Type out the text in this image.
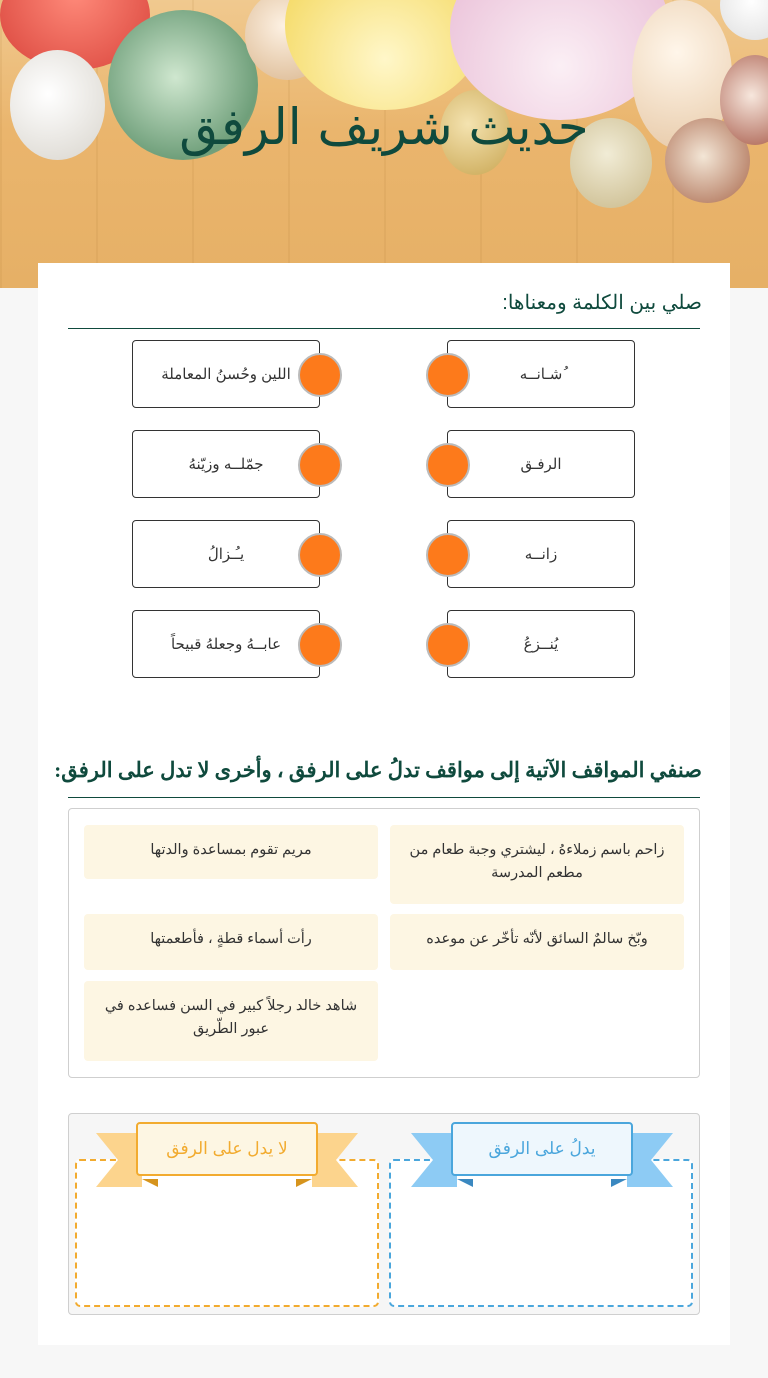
حديث شريف الرفق
صلي بين الكلمة ومعناها:
اللين وحُسنُ المعاملة
جمّلــه وزيّنهُ
يـُـزالُ
عابــهُ وجعلهُ قبيحاً
ُشـانــه
الرفـق
زانــه
يُنــزعُ
صنفي المواقف الآتية إلى مواقف تدلُ على الرفق ، وأخرى لا تدل على الرفق:
زاحم باسم زملاءهُ ، ليشتري وجبة طعام من مطعم المدرسة
مريم تقوم بمساعدة والدتها
وبّخ سالمٌ السائق لأنّه تأخّر عن موعده
رأت أسماء قطةٍ ، فأطعمتها
شاهد خالد رجلاً كبير في السن فساعده في عبور الطّريق
يدلُ على الرفق
لا يدل على الرفق
